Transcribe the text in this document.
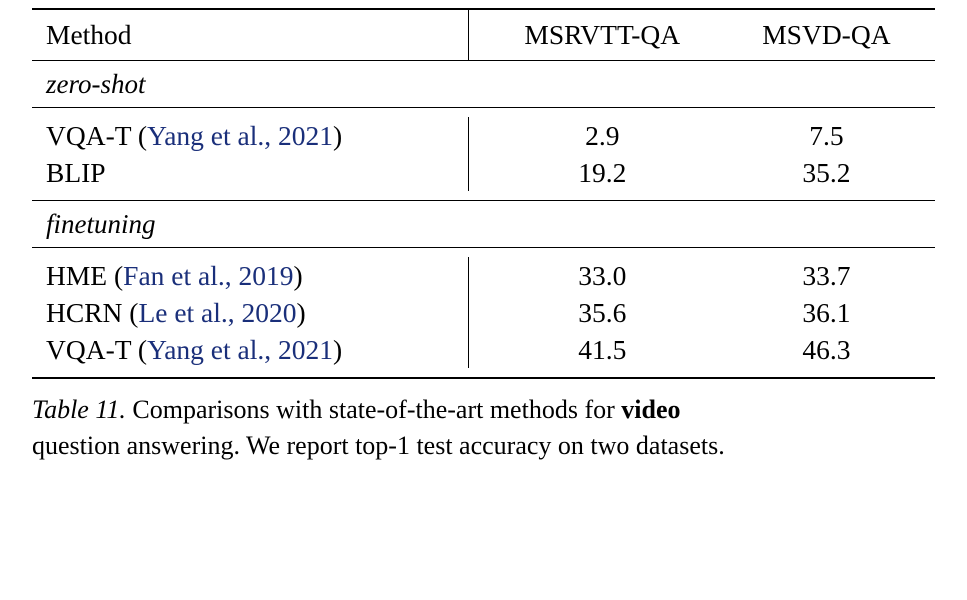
Method	MSRVTT-QA	MSVD-QA

zero-shot		

VQA-T (Yang et al., 2021)	2.9	7.5
BLIP	19.2	35.2

finetuning		

HME (Fan et al., 2019)	33.0	33.7
HCRN (Le et al., 2020)	35.6	36.1
VQA-T (Yang et al., 2021)	41.5	46.3

Table 11. Comparisons with state-of-the-art methods for video
question answering. We report top-1 test accuracy on two datasets.
